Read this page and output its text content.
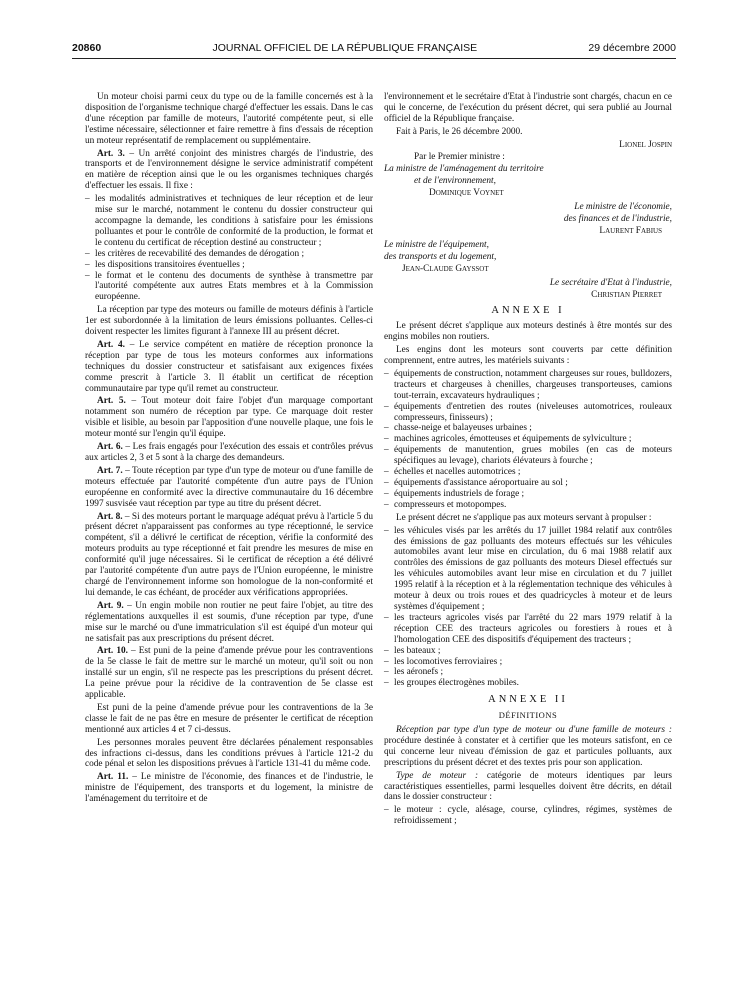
20860	JOURNAL OFFICIEL DE LA RÉPUBLIQUE FRANÇAISE	29 décembre 2000

Un moteur choisi parmi ceux du type ou de la famille concernés est à la disposition de l'organisme technique chargé d'effectuer les essais. Dans le cas d'une réception par famille de moteurs, l'autorité compétente peut, si elle l'estime nécessaire, sélectionner et faire remettre à fins d'essais de réception un moteur représentatif de remplacement ou supplémentaire.

Art. 3. – Un arrêté conjoint des ministres chargés de l'industrie, des transports et de l'environnement désigne le service administratif compétent en matière de réception ainsi que le ou les organismes techniques chargés d'effectuer les essais. Il fixe :

– les modalités administratives et techniques de leur réception et de leur mise sur le marché, notamment le contenu du dossier constructeur qui accompagne la demande, les conditions à satisfaire pour les émissions polluantes et pour le contrôle de conformité de la production, le format et le contenu du certificat de réception destiné au constructeur ;
– les critères de recevabilité des demandes de dérogation ;
– les dispositions transitoires éventuelles ;
– le format et le contenu des documents de synthèse à transmettre par l'autorité compétente aux autres Etats membres et à la Commission européenne.

La réception par type des moteurs ou famille de moteurs définis à l'article 1er est subordonnée à la limitation de leurs émissions polluantes. Celles-ci doivent respecter les limites figurant à l'annexe III au présent décret.

Art. 4. – Le service compétent en matière de réception prononce la réception par type de tous les moteurs conformes aux informations techniques du dossier constructeur et satisfaisant aux exigences fixées comme prescrit à l'article 3. Il établit un certificat de réception communautaire par type qu'il remet au constructeur.

Art. 5. – Tout moteur doit faire l'objet d'un marquage comportant notamment son numéro de réception par type. Ce marquage doit rester visible et lisible, au besoin par l'apposition d'une nouvelle plaque, une fois le moteur monté sur l'engin qu'il équipe.

Art. 6. – Les frais engagés pour l'exécution des essais et contrôles prévus aux articles 2, 3 et 5 sont à la charge des demandeurs.

Art. 7. – Toute réception par type d'un type de moteur ou d'une famille de moteurs effectuée par l'autorité compétente d'un autre pays de l'Union européenne en conformité avec la directive communautaire du 16 décembre 1997 susvisée vaut réception par type au titre du présent décret.

Art. 8. – Si des moteurs portant le marquage adéquat prévu à l'article 5 du présent décret n'apparaissent pas conformes au type réceptionné, le service compétent, s'il a délivré le certificat de réception, vérifie la conformité des moteurs produits au type réceptionné et fait prendre les mesures de mise en conformité qu'il juge nécessaires. Si le certificat de réception a été délivré par l'autorité compétente d'un autre pays de l'Union européenne, le ministre chargé de l'environnement informe son homologue de la non-conformité et lui demande, le cas échéant, de procéder aux vérifications appropriées.

Art. 9. – Un engin mobile non routier ne peut faire l'objet, au titre des réglementations auxquelles il est soumis, d'une réception par type, d'une mise sur le marché ou d'une immatriculation s'il est équipé d'un moteur qui ne satisfait pas aux prescriptions du présent décret.

Art. 10. – Est puni de la peine d'amende prévue pour les contraventions de la 5e classe le fait de mettre sur le marché un moteur, qu'il soit ou non installé sur un engin, s'il ne respecte pas les prescriptions du présent décret. La peine prévue pour la récidive de la contravention de 5e classe est applicable.

Est puni de la peine d'amende prévue pour les contraventions de la 3e classe le fait de ne pas être en mesure de présenter le certificat de réception mentionné aux articles 4 et 7 ci-dessus.

Les personnes morales peuvent être déclarées pénalement responsables des infractions ci-dessus, dans les conditions prévues à l'article 121-2 du code pénal et selon les dispositions prévues à l'article 131-41 du même code.

Art. 11. – Le ministre de l'économie, des finances et de l'industrie, le ministre de l'équipement, des transports et du logement, la ministre de l'aménagement du territoire et de

l'environnement et le secrétaire d'Etat à l'industrie sont chargés, chacun en ce qui le concerne, de l'exécution du présent décret, qui sera publié au Journal officiel de la République française.

Fait à Paris, le 26 décembre 2000.

Lionel Jospin
Par le Premier ministre :
La ministre de l'aménagement du territoire
et de l'environnement,
Dominique Voynet
Le ministre de l'économie,
des finances et de l'industrie,
Laurent Fabius
Le ministre de l'équipement,
des transports et du logement,
Jean-Claude Gayssot
Le secrétaire d'Etat à l'industrie,
Christian Pierret
ANNEXE I

Le présent décret s'applique aux moteurs destinés à être montés sur des engins mobiles non routiers.

Les engins dont les moteurs sont couverts par cette définition comprennent, entre autres, les matériels suivants :

– équipements de construction, notamment chargeuses sur roues, bulldozers, tracteurs et chargeuses à chenilles, chargeuses transporteuses, camions tout-terrain, excavateurs hydrauliques ;
– équipements d'entretien des routes (niveleuses automotrices, rouleaux compresseurs, finisseurs) ;
– chasse-neige et balayeuses urbaines ;
– machines agricoles, émotteuses et équipements de sylviculture ;
– équipements de manutention, grues mobiles (en cas de moteurs spécifiques au levage), chariots élévateurs à fourche ;
– échelles et nacelles automotrices ;
– équipements d'assistance aéroportuaire au sol ;
– équipements industriels de forage ;
– compresseurs et motopompes.

Le présent décret ne s'applique pas aux moteurs servant à propulser :

– les véhicules visés par les arrêtés du 17 juillet 1984 relatif aux contrôles des émissions de gaz polluants des moteurs effectués sur les véhicules automobiles avant leur mise en circulation, du 6 mai 1988 relatif aux contrôles des émissions de gaz polluants des moteurs Diesel effectués sur les véhicules automobiles avant leur mise en circulation et du 7 juillet 1995 relatif à la réception et à la réglementation technique des véhicules à moteur à deux ou trois roues et des quadricycles à moteur et de leurs systèmes d'équipement ;
– les tracteurs agricoles visés par l'arrêté du 22 mars 1979 relatif à la réception CEE des tracteurs agricoles ou forestiers à roues et à l'homologation CEE des dispositifs d'équipement des tracteurs ;
– les bateaux ;
– les locomotives ferroviaires ;
– les aéronefs ;
– les groupes électrogènes mobiles.
ANNEXE II
DÉFINITIONS

Réception par type d'un type de moteur ou d'une famille de moteurs : procédure destinée à constater et à certifier que les moteurs satisfont, en ce qui concerne leur niveau d'émission de gaz et particules polluants, aux prescriptions du présent décret et des textes pris pour son application.

Type de moteur : catégorie de moteurs identiques par leurs caractéristiques essentielles, parmi lesquelles doivent être décrits, en détail dans le dossier constructeur :

– le moteur : cycle, alésage, course, cylindres, régimes, systèmes de refroidissement ;
